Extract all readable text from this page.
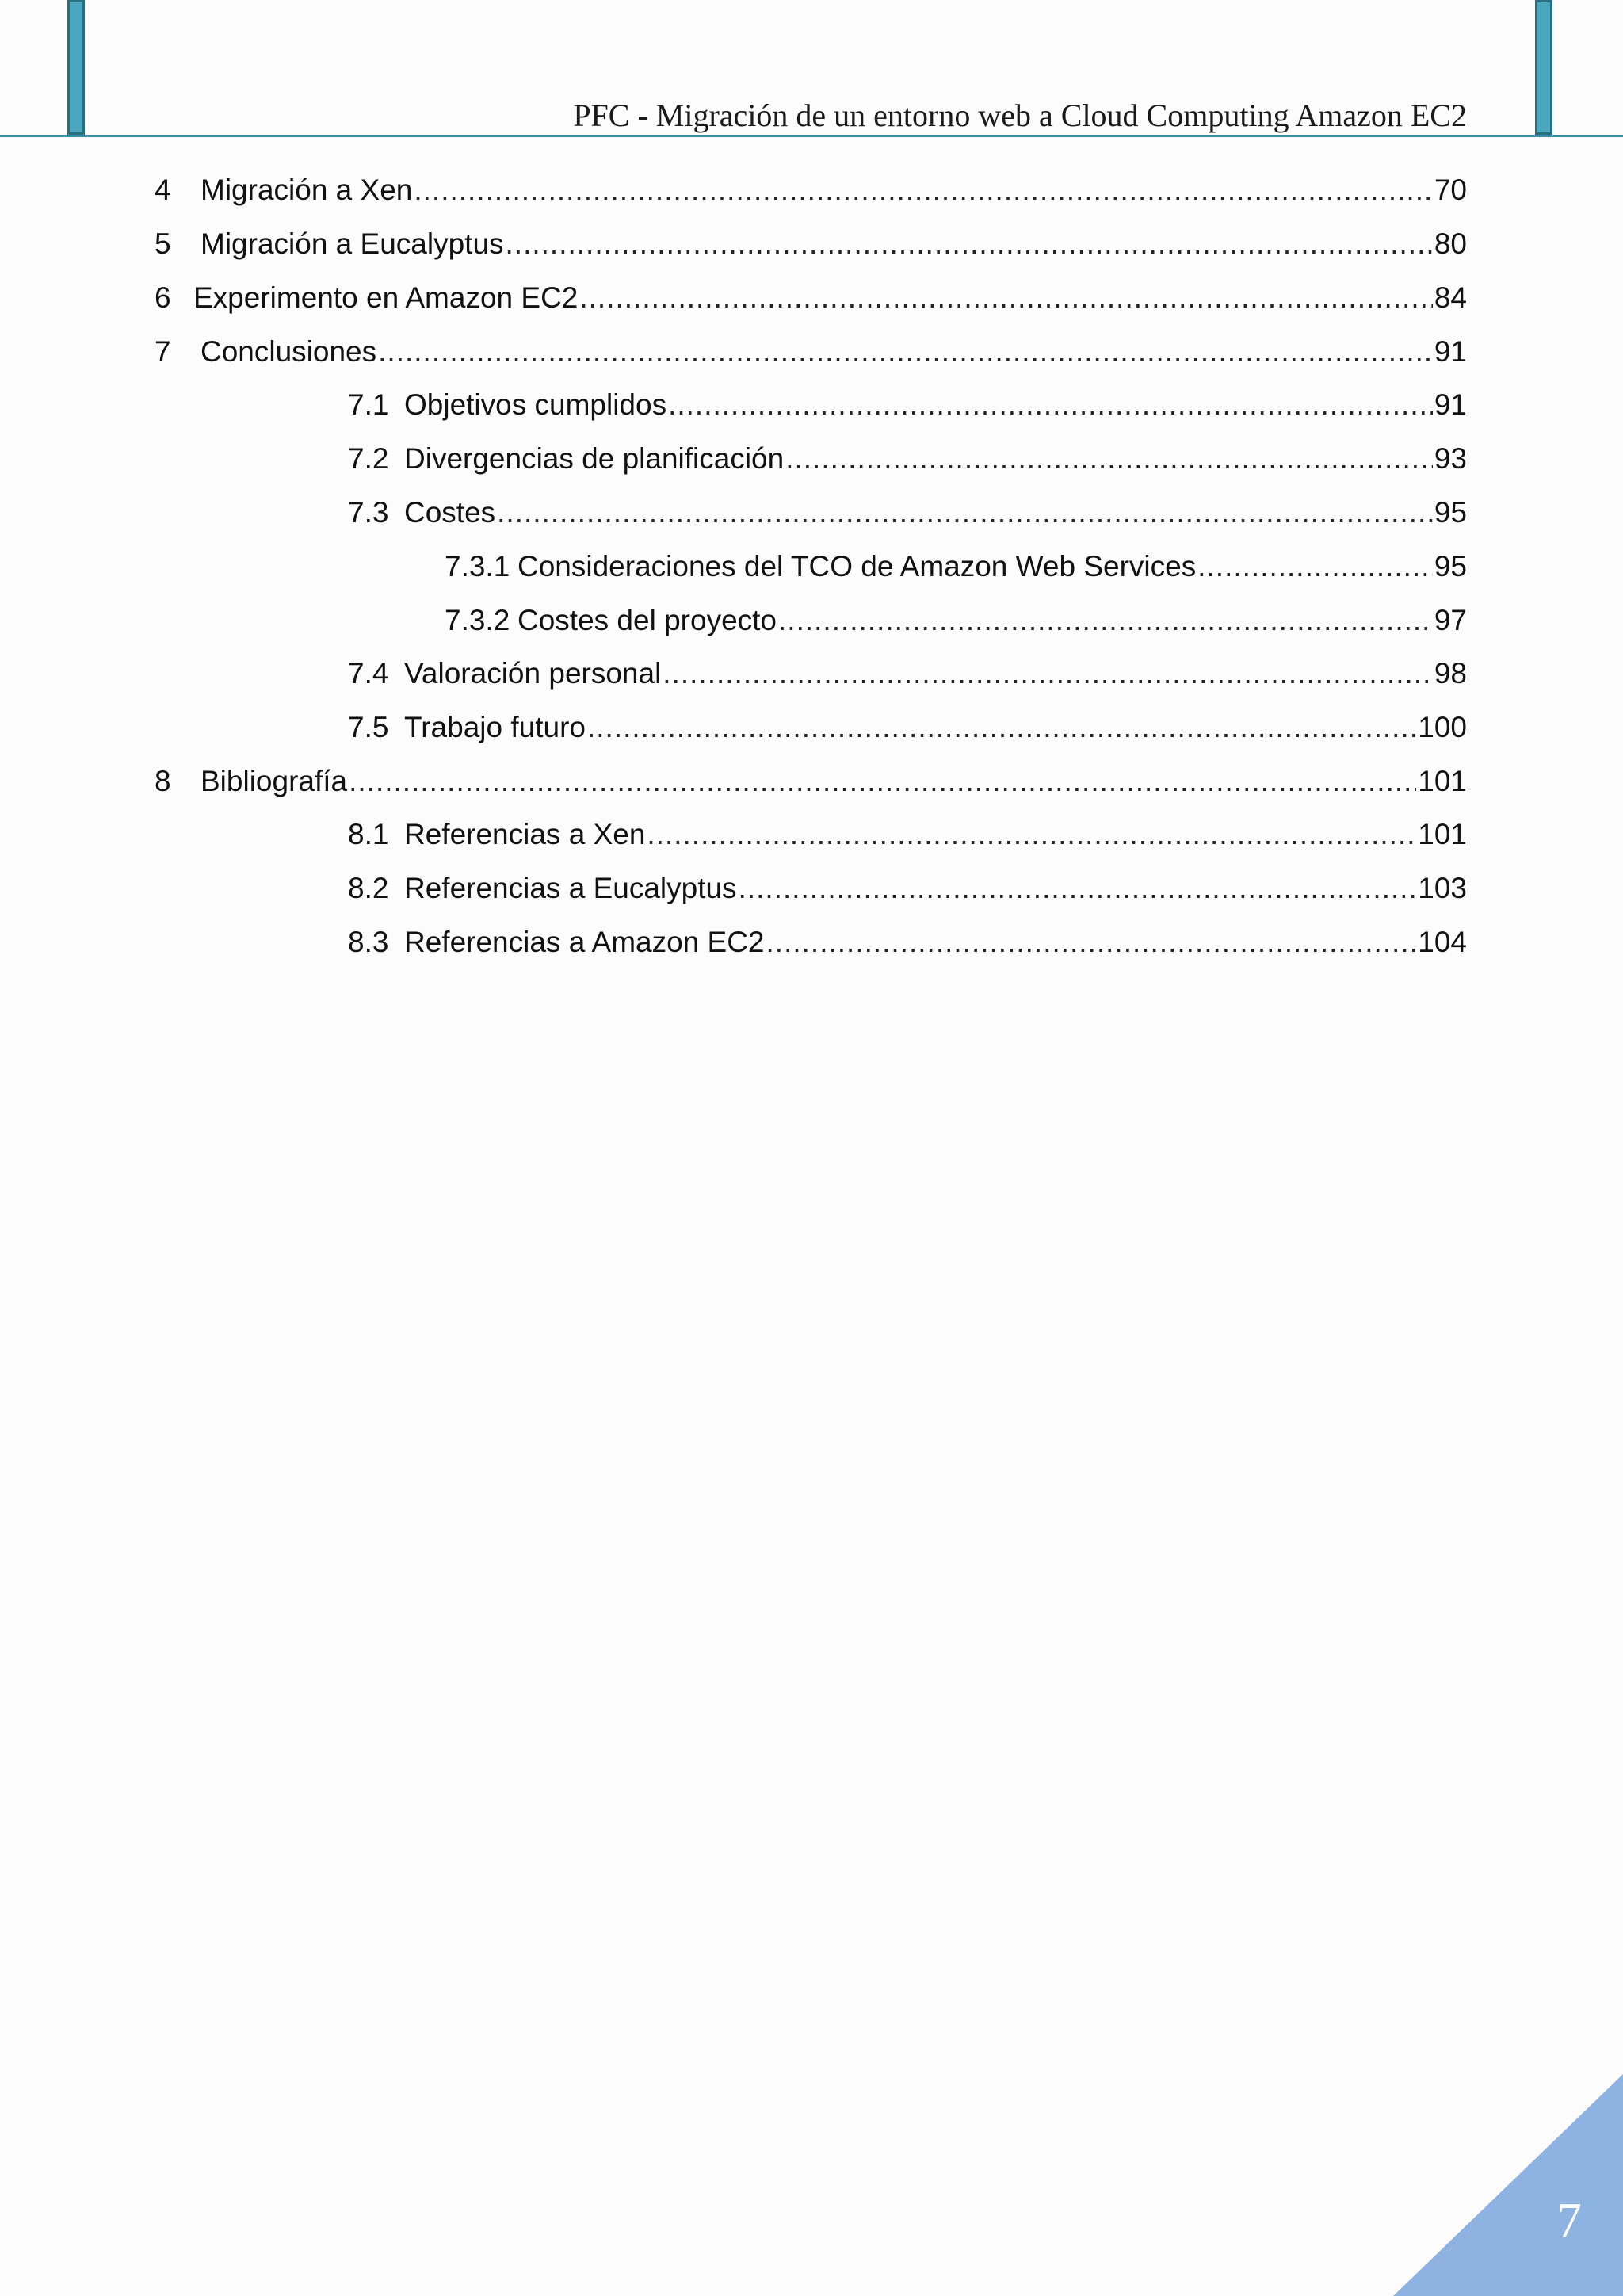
PFC - Migración de un entorno web a Cloud Computing Amazon EC2
4 Migración a Xen .....	70
5 Migración a Eucalyptus .....	80
6 Experimento en Amazon EC2 .....	84
7 Conclusiones .....	91
7.1 Objetivos cumplidos .....	91
7.2 Divergencias de planificación .....	93
7.3 Costes .....	95
7.3.1 Consideraciones del TCO de Amazon Web Services .....	95
7.3.2 Costes del proyecto .....	97
7.4 Valoración personal .....	98
7.5 Trabajo futuro .....	100
8 Bibliografía .....	101
8.1 Referencias a Xen .....	101
8.2 Referencias a Eucalyptus .....	103
8.3 Referencias a Amazon EC2 .....	104
7
